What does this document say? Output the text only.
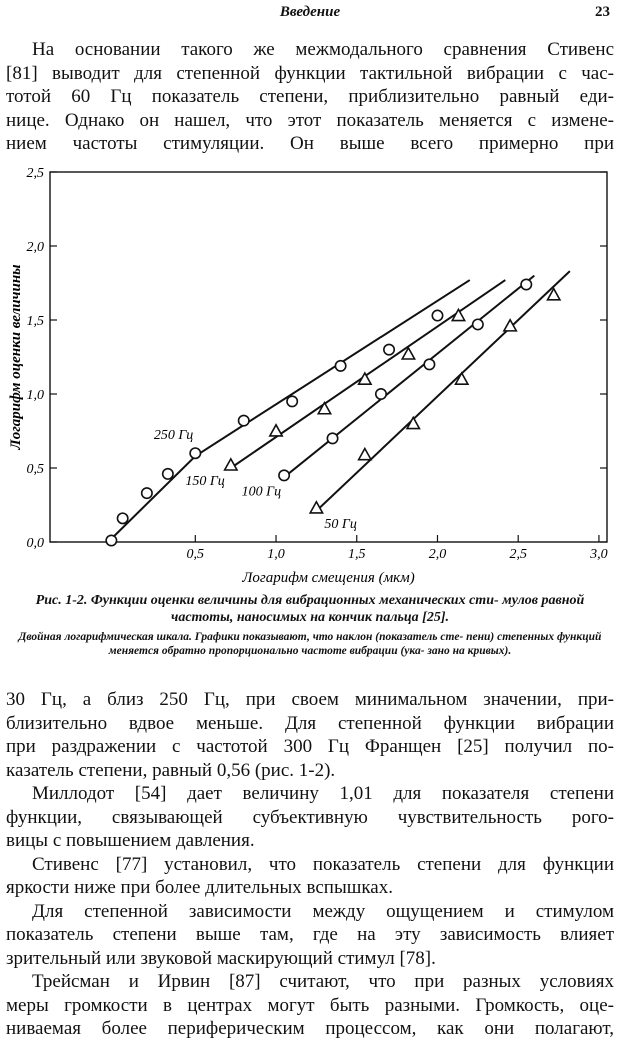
Введение	23
На основании такого же межмодального сравнения Стивенс
[81] выводит для степенной функции тактильной вибрации с час-
тотой 60 Гц показатель степени, приблизительно равный еди-
ницe. Однако он нашел, что этот показатель меняется с измене-
нием частоты стимуляции. Он выше всего примерно при
0,0
0,5
1,0
1,5
2,0
2,5
0,5	1,0	1,5	2,0	2,5	3,0
Логарифм смещения (мкм)
Логарифм оценки величины	250 Гц
150 Гц
100 Гц
50 Гц
Рис. 1-2. Функции оценки величины для вибрационных механических сти- мулов равной частоты, наносимых на кончик пальца [25].
Двойная логарифмическая шкала. Графики показывают, что наклон (показатель сте- пени) степенных функций меняется обратно пропорционально частоте вибрации (ука- зано на кривых).
30 Гц, а близ 250 Гц, при своем минимальном значении, при-
близительно вдвое меньше. Для степенной функции вибрации
при раздражении с частотой 300 Гц Франщен [25] получил по-
казатель степени, равный 0,56 (рис. 1-2).
Миллодот [54] дает величину 1,01 для показателя степени
функции, связывающей субъективную чувствительность рого-
вицы с повышением давления.
Стивенс [77] установил, что показатель степени для функции
яркости ниже при более длительных вспышках.
Для степенной зависимости между ощущением и стимулом
показатель степени выше там, где на эту зависимость влияет
зрительный или звуковой маскирующий стимул [78].
Трейсман и Ирвин [87] считают, что при разных условиях
меры громкости в центрах могут быть разными. Громкость, оце-
ниваемая более периферическим процессом, как они полагают,
